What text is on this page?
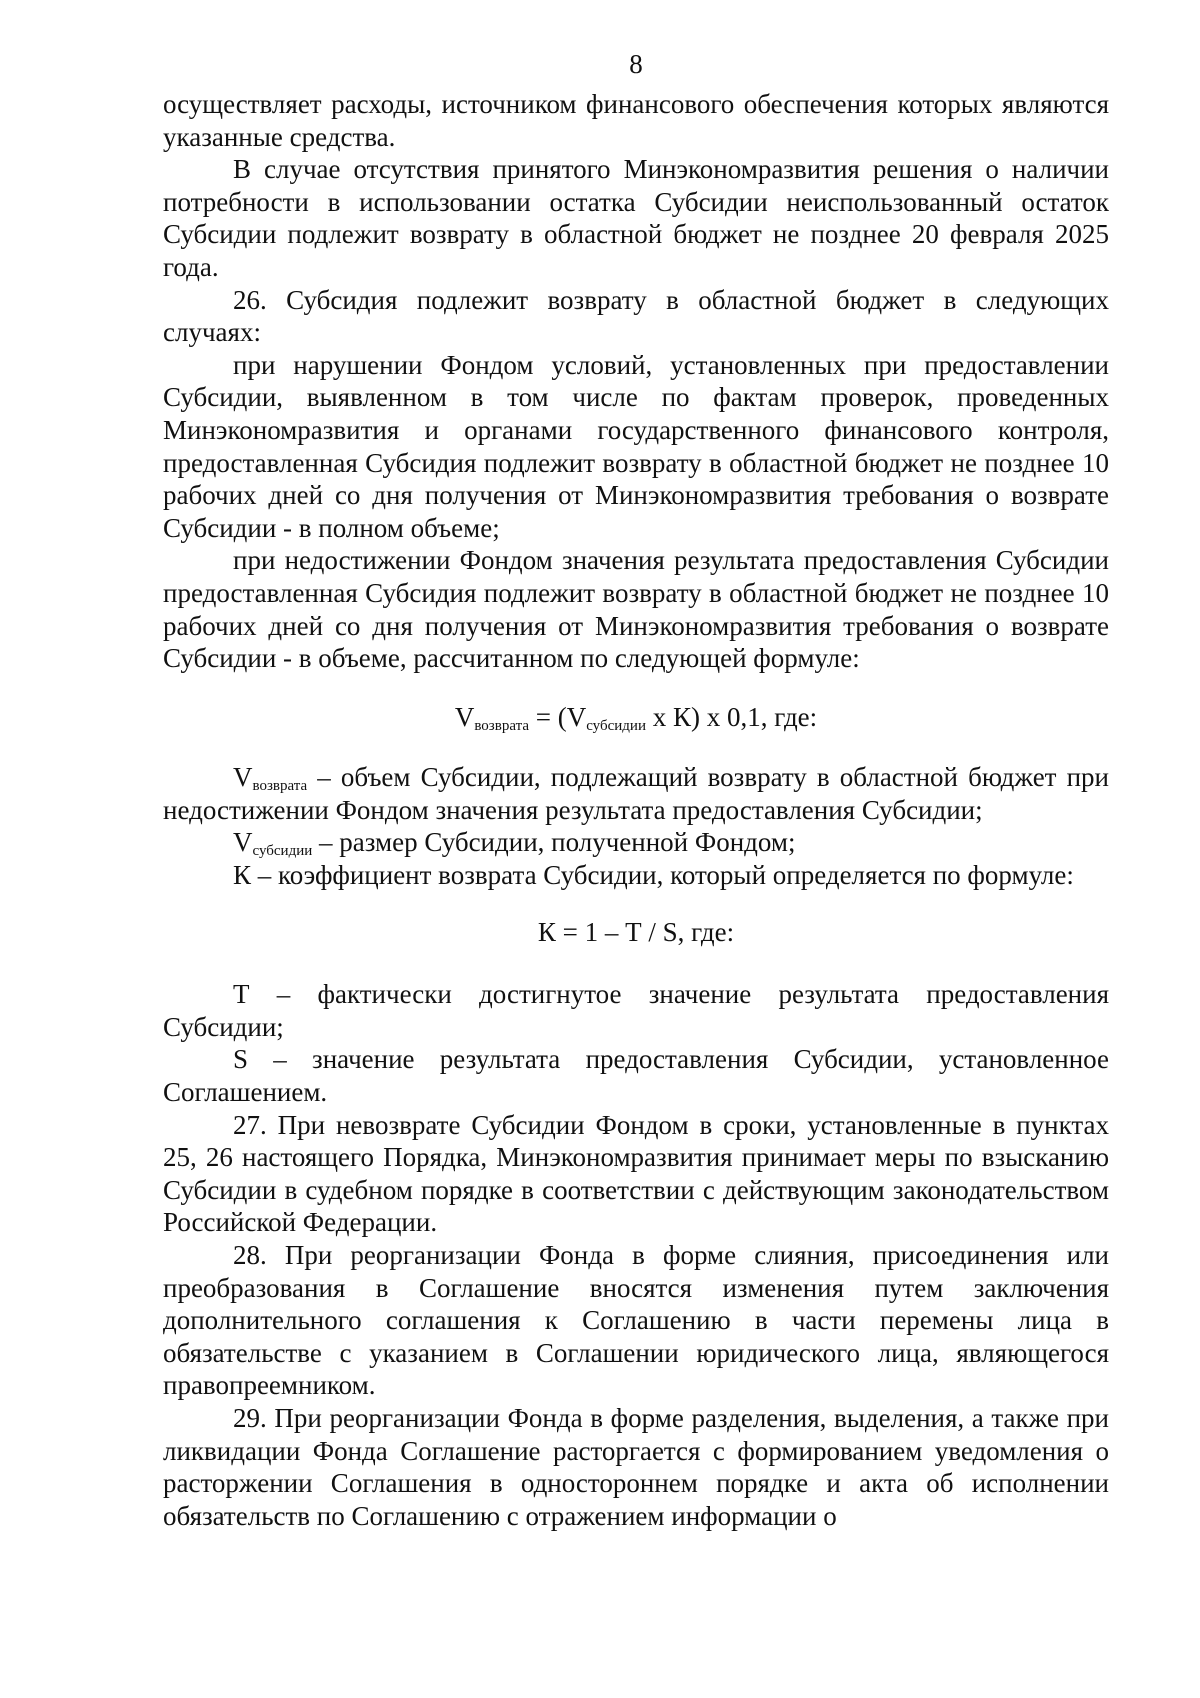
8

осуществляет расходы, источником финансового обеспечения которых являются указанные средства.

В случае отсутствия принятого Минэкономразвития решения о наличии потребности в использовании остатка Субсидии неиспользованный остаток Субсидии подлежит возврату в областной бюджет не позднее 20 февраля 2025 года.

26. Субсидия подлежит возврату в областной бюджет в следующих случаях:

при нарушении Фондом условий, установленных при предоставлении Субсидии, выявленном в том числе по фактам проверок, проведенных Минэкономразвития и органами государственного финансового контроля, предоставленная Субсидия подлежит возврату в областной бюджет не позднее 10 рабочих дней со дня получения от Минэкономразвития требования о возврате Субсидии - в полном объеме;

при недостижении Фондом значения результата предоставления Субсидии предоставленная Субсидия подлежит возврату в областной бюджет не позднее 10 рабочих дней со дня получения от Минэкономразвития требования о возврате Субсидии - в объеме, рассчитанном по следующей формуле:

$V_{возврата} = (V_{субсидии}$ х К) х 0,1, где:

$V_{возврата}$ – объем Субсидии, подлежащий возврату в областной бюджет при недостижении Фондом значения результата предоставления Субсидии;

$V_{субсидии}$ – размер Субсидии, полученной Фондом;

К – коэффициент возврата Субсидии, который определяется по формуле:

К = 1 – Т / S, где:

Т – фактически достигнутое значение результата предоставления Субсидии;

S – значение результата предоставления Субсидии, установленное Соглашением.

27. При невозврате Субсидии Фондом в сроки, установленные в пунктах 25, 26 настоящего Порядка, Минэкономразвития принимает меры по взысканию Субсидии в судебном порядке в соответствии с действующим законодательством Российской Федерации.

28. При реорганизации Фонда в форме слияния, присоединения или преобразования в Соглашение вносятся изменения путем заключения дополнительного соглашения к Соглашению в части перемены лица в обязательстве с указанием в Соглашении юридического лица, являющегося правопреемником.

29. При реорганизации Фонда в форме разделения, выделения, а также при ликвидации Фонда Соглашение расторгается с формированием уведомления о расторжении Соглашения в одностороннем порядке и акта об исполнении обязательств по Соглашению с отражением информации о
